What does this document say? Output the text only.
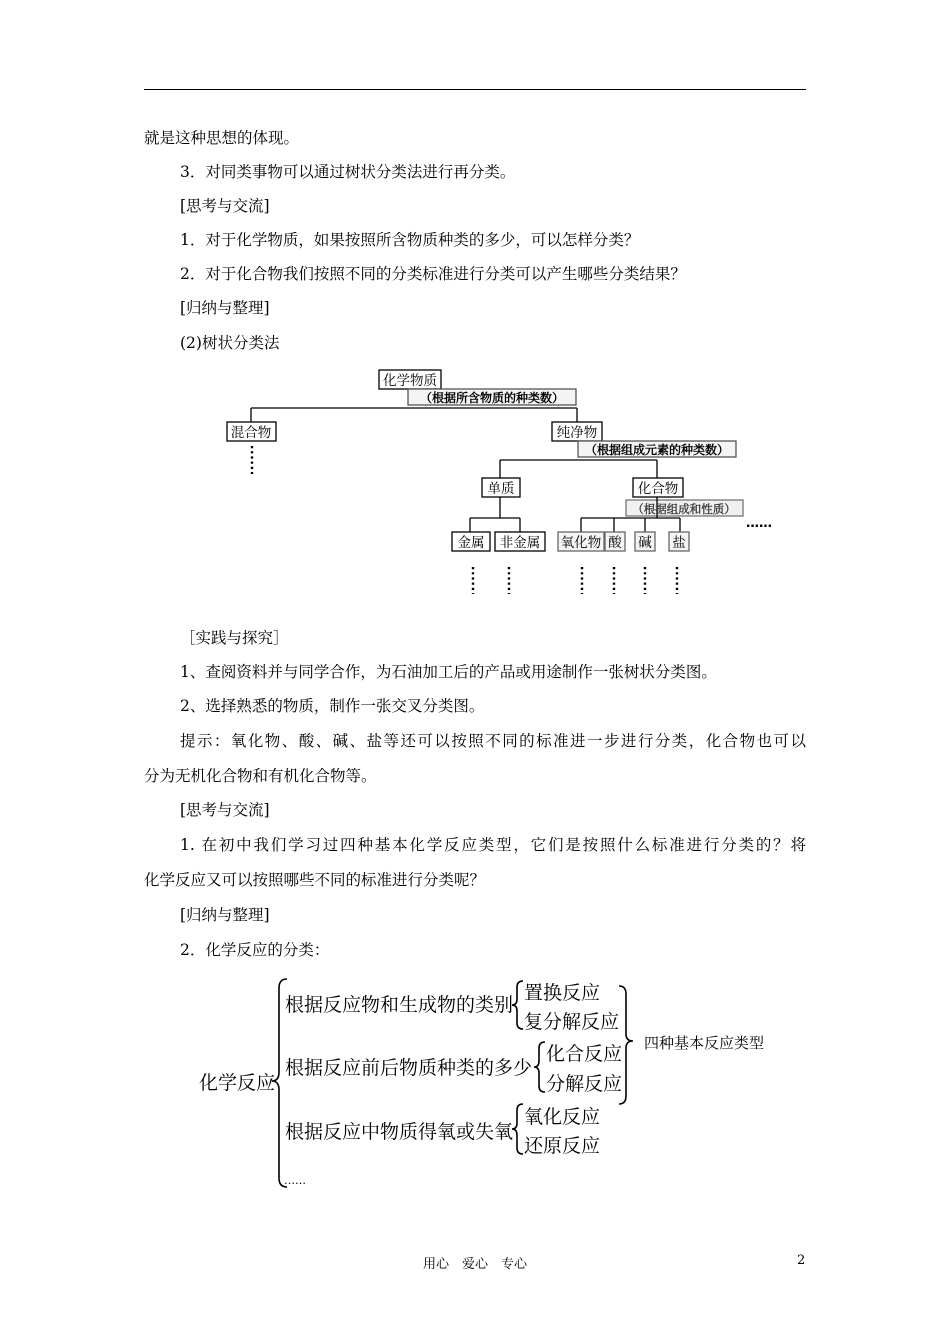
就是这种思想的体现。
3．对同类事物可以通过树状分类法进行再分类。
[思考与交流]
1．对于化学物质，如果按照所含物质种类的多少，可以怎样分类？
2．对于化合物我们按照不同的分类标准进行分类可以产生哪些分类结果？
[归纳与整理]
(2)树状分类法
化学物质
（根据所含物质的种类数）
混合物	纯净物
（根据组成元素的种类数）
单质	化合物
（根据组成和性质）
……
金属 非金属 氧化物 酸 碱 盐
［实践与探究］
1、查阅资料并与同学合作，为石油加工后的产品或用途制作一张树状分类图。
2、选择熟悉的物质，制作一张交叉分类图。
提示：氧化物、酸、碱、盐等还可以按照不同的标准进一步进行分类，化合物也可以
分为无机化合物和有机化合物等。
[思考与交流]
1. 在初中我们学习过四种基本化学反应类型，它们是按照什么标准进行分类的？将
化学反应又可以按照哪些不同的标准进行分类呢？
[归纳与整理]
2．化学反应的分类：
化学反应
根据反应物和生成物的类别
置换反应
复分解反应
根据反应前后物质种类的多少
化合反应
分解反应
根据反应中物质得氧或失氧
氧化反应
还原反应
……
四种基本反应类型
用心　爱心　专心	2
